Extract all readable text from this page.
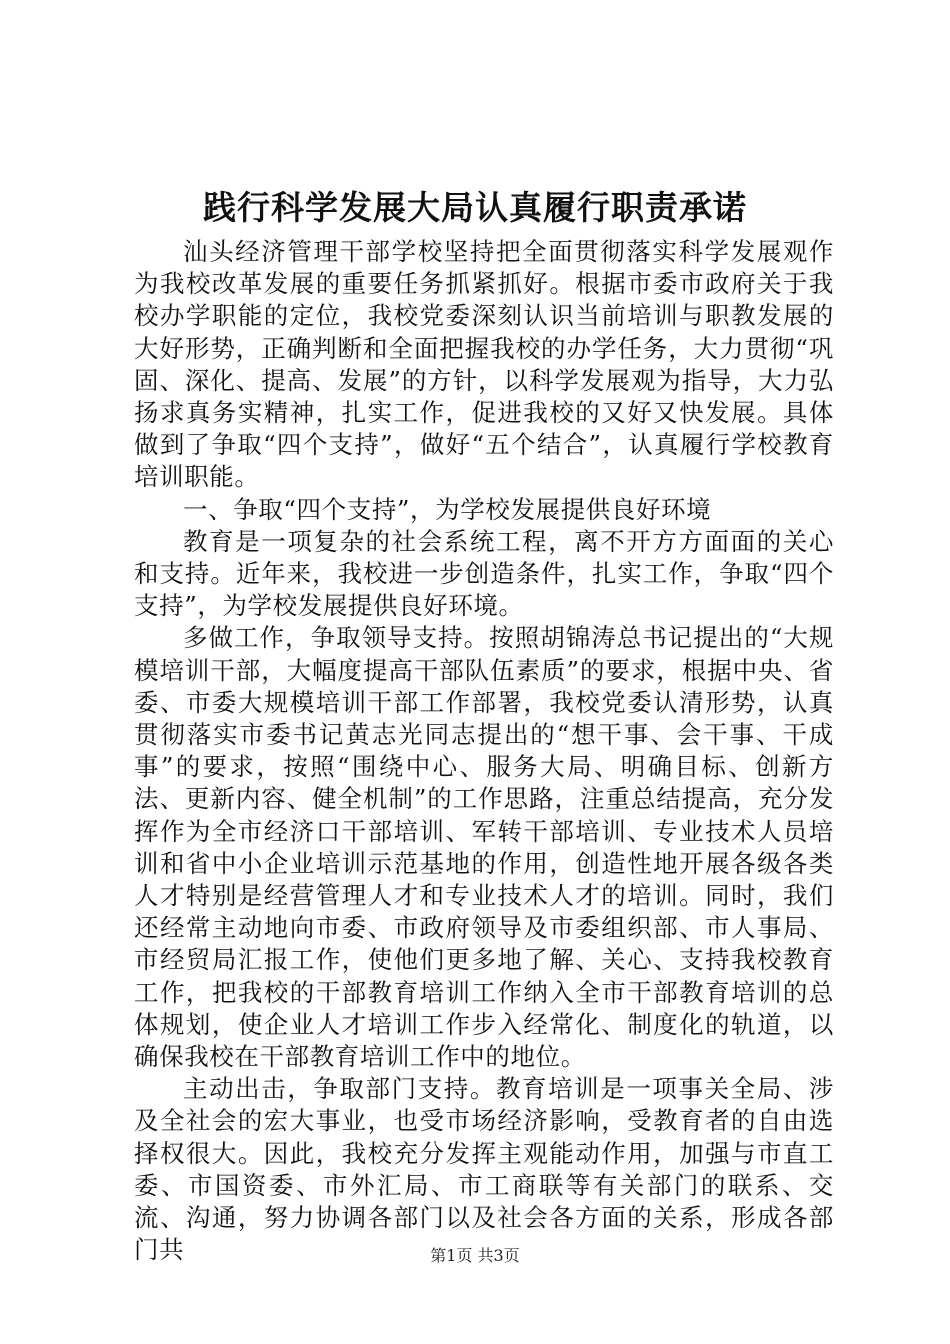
践行科学发展大局认真履行职责承诺

汕头经济管理干部学校坚持把全面贯彻落实科学发展观作为我校改革发展的重要任务抓紧抓好。根据市委市政府关于我校办学职能的定位，我校党委深刻认识当前培训与职教发展的大好形势，正确判断和全面把握我校的办学任务，大力贯彻“巩固、深化、提高、发展”的方针，以科学发展观为指导，大力弘扬求真务实精神，扎实工作，促进我校的又好又快发展。具体做到了争取“四个支持”，做好“五个结合”，认真履行学校教育培训职能。

一、争取“四个支持”，为学校发展提供良好环境

教育是一项复杂的社会系统工程，离不开方方面面的关心和支持。近年来，我校进一步创造条件，扎实工作，争取“四个支持”，为学校发展提供良好环境。

多做工作，争取领导支持。按照胡锦涛总书记提出的“大规模培训干部，大幅度提高干部队伍素质”的要求，根据中央、省委、市委大规模培训干部工作部署，我校党委认清形势，认真贯彻落实市委书记黄志光同志提出的“想干事、会干事、干成事”的要求，按照“围绕中心、服务大局、明确目标、创新方法、更新内容、健全机制”的工作思路，注重总结提高，充分发挥作为全市经济口干部培训、军转干部培训、专业技术人员培训和省中小企业培训示范基地的作用，创造性地开展各级各类人才特别是经营管理人才和专业技术人才的培训。同时，我们还经常主动地向市委、市政府领导及市委组织部、市人事局、市经贸局汇报工作，使他们更多地了解、关心、支持我校教育工作，把我校的干部教育培训工作纳入全市干部教育培训的总体规划，使企业人才培训工作步入经常化、制度化的轨道，以确保我校在干部教育培训工作中的地位。

主动出击，争取部门支持。教育培训是一项事关全局、涉及全社会的宏大事业，也受市场经济影响，受教育者的自由选择权很大。因此，我校充分发挥主观能动作用，加强与市直工委、市国资委、市外汇局、市工商联等有关部门的联系、交流、沟通，努力协调各部门以及社会各方面的关系，形成各部门共	第1页 共3页
